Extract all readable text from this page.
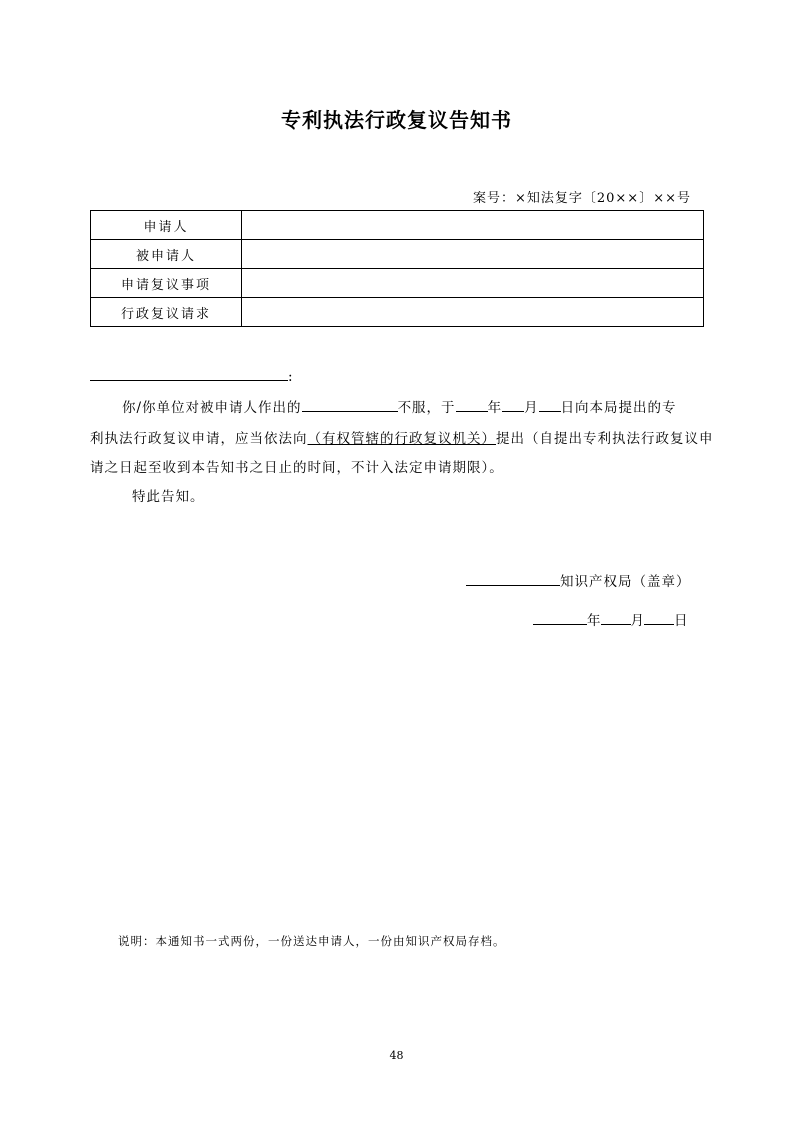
专利执法行政复议告知书
案号：×知法复字〔20××〕××号
申请人	
被申请人	
申请复议事项	
行政复议请求	
:
你/你单位对被申请人作出的	不服，于 年 月 日向本局提出的专
利执法行政复议申请，应当依法向（有权管辖的行政复议机关）提出（自提出专利执法行政复议申
请之日起至收到本告知书之日止的时间，不计入法定申请期限）。
特此告知。
知识产权局（盖章）
年 月 日
说明：本通知书一式两份，一份送达申请人，一份由知识产权局存档。
48
